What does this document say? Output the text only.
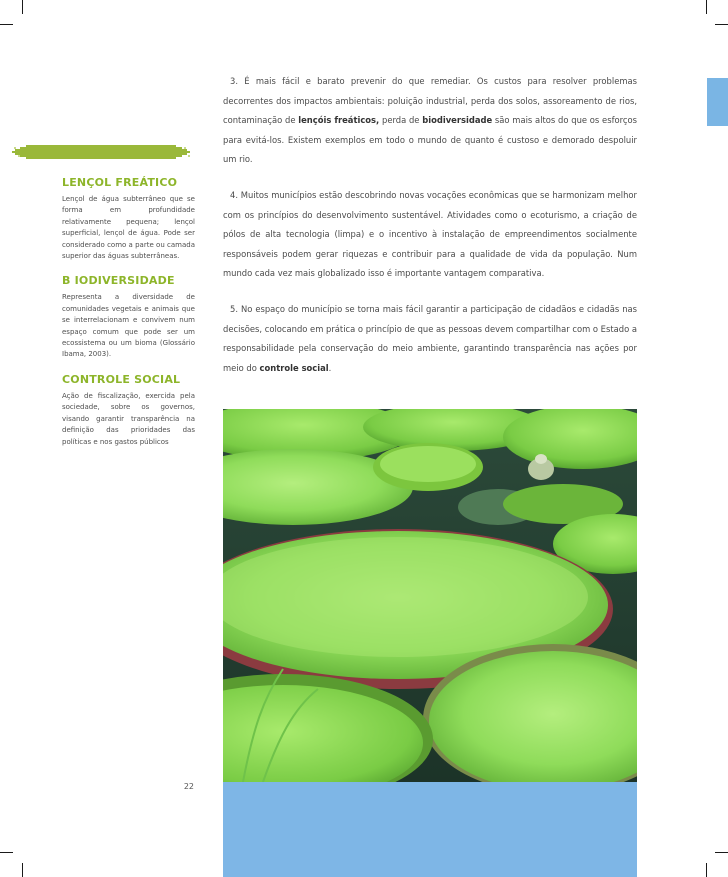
LENÇOL FREÁTICO
Lençol de água subterrâneo que se forma em profundidade relativamente pequena; lençol superficial, lençol de água. Pode ser considerado como a parte ou camada superior das águas subterrâneas.
B IODIVERSIDADE
Representa a diversidade de comunidades vegetais e animais que se interrelacionam e convivem num espaço comum que pode ser um ecossistema ou um bioma (Glossário Ibama, 2003).
CONTROLE SOCIAL
Ação de fiscalização, exercida pela sociedade, sobre os governos, visando garantir transparência na definição das prioridades das políticas e nos gastos públicos
22

3. É mais fácil e barato prevenir do que remediar. Os custos para resolver problemas decorrentes dos impactos ambientais: poluição industrial, perda dos solos, assoreamento de rios, contaminação de lençóis freáticos, perda de biodiversidade são mais altos do que os esforços para evitá-los. Existem exemplos em todo o mundo de quanto é custoso e demorado despoluir um rio.

4. Muitos municípios estão descobrindo novas vocações econômicas que se harmonizam melhor com os princípios do desenvolvimento sustentável. Atividades como o ecoturismo, a criação de pólos de alta tecnologia (limpa) e o incentivo à instalação de empreendimentos socialmente responsáveis podem gerar riquezas e contribuir para a qualidade de vida da população. Num mundo cada vez mais globalizado isso é importante vantagem comparativa.

5. No espaço do município se torna mais fácil garantir a participação de cidadãos e cidadãs nas decisões, colocando em prática o princípio de que as pessoas devem compartilhar com o Estado a responsabilidade pela conservação do meio ambiente, garantindo transparência nas ações por meio do controle social.
